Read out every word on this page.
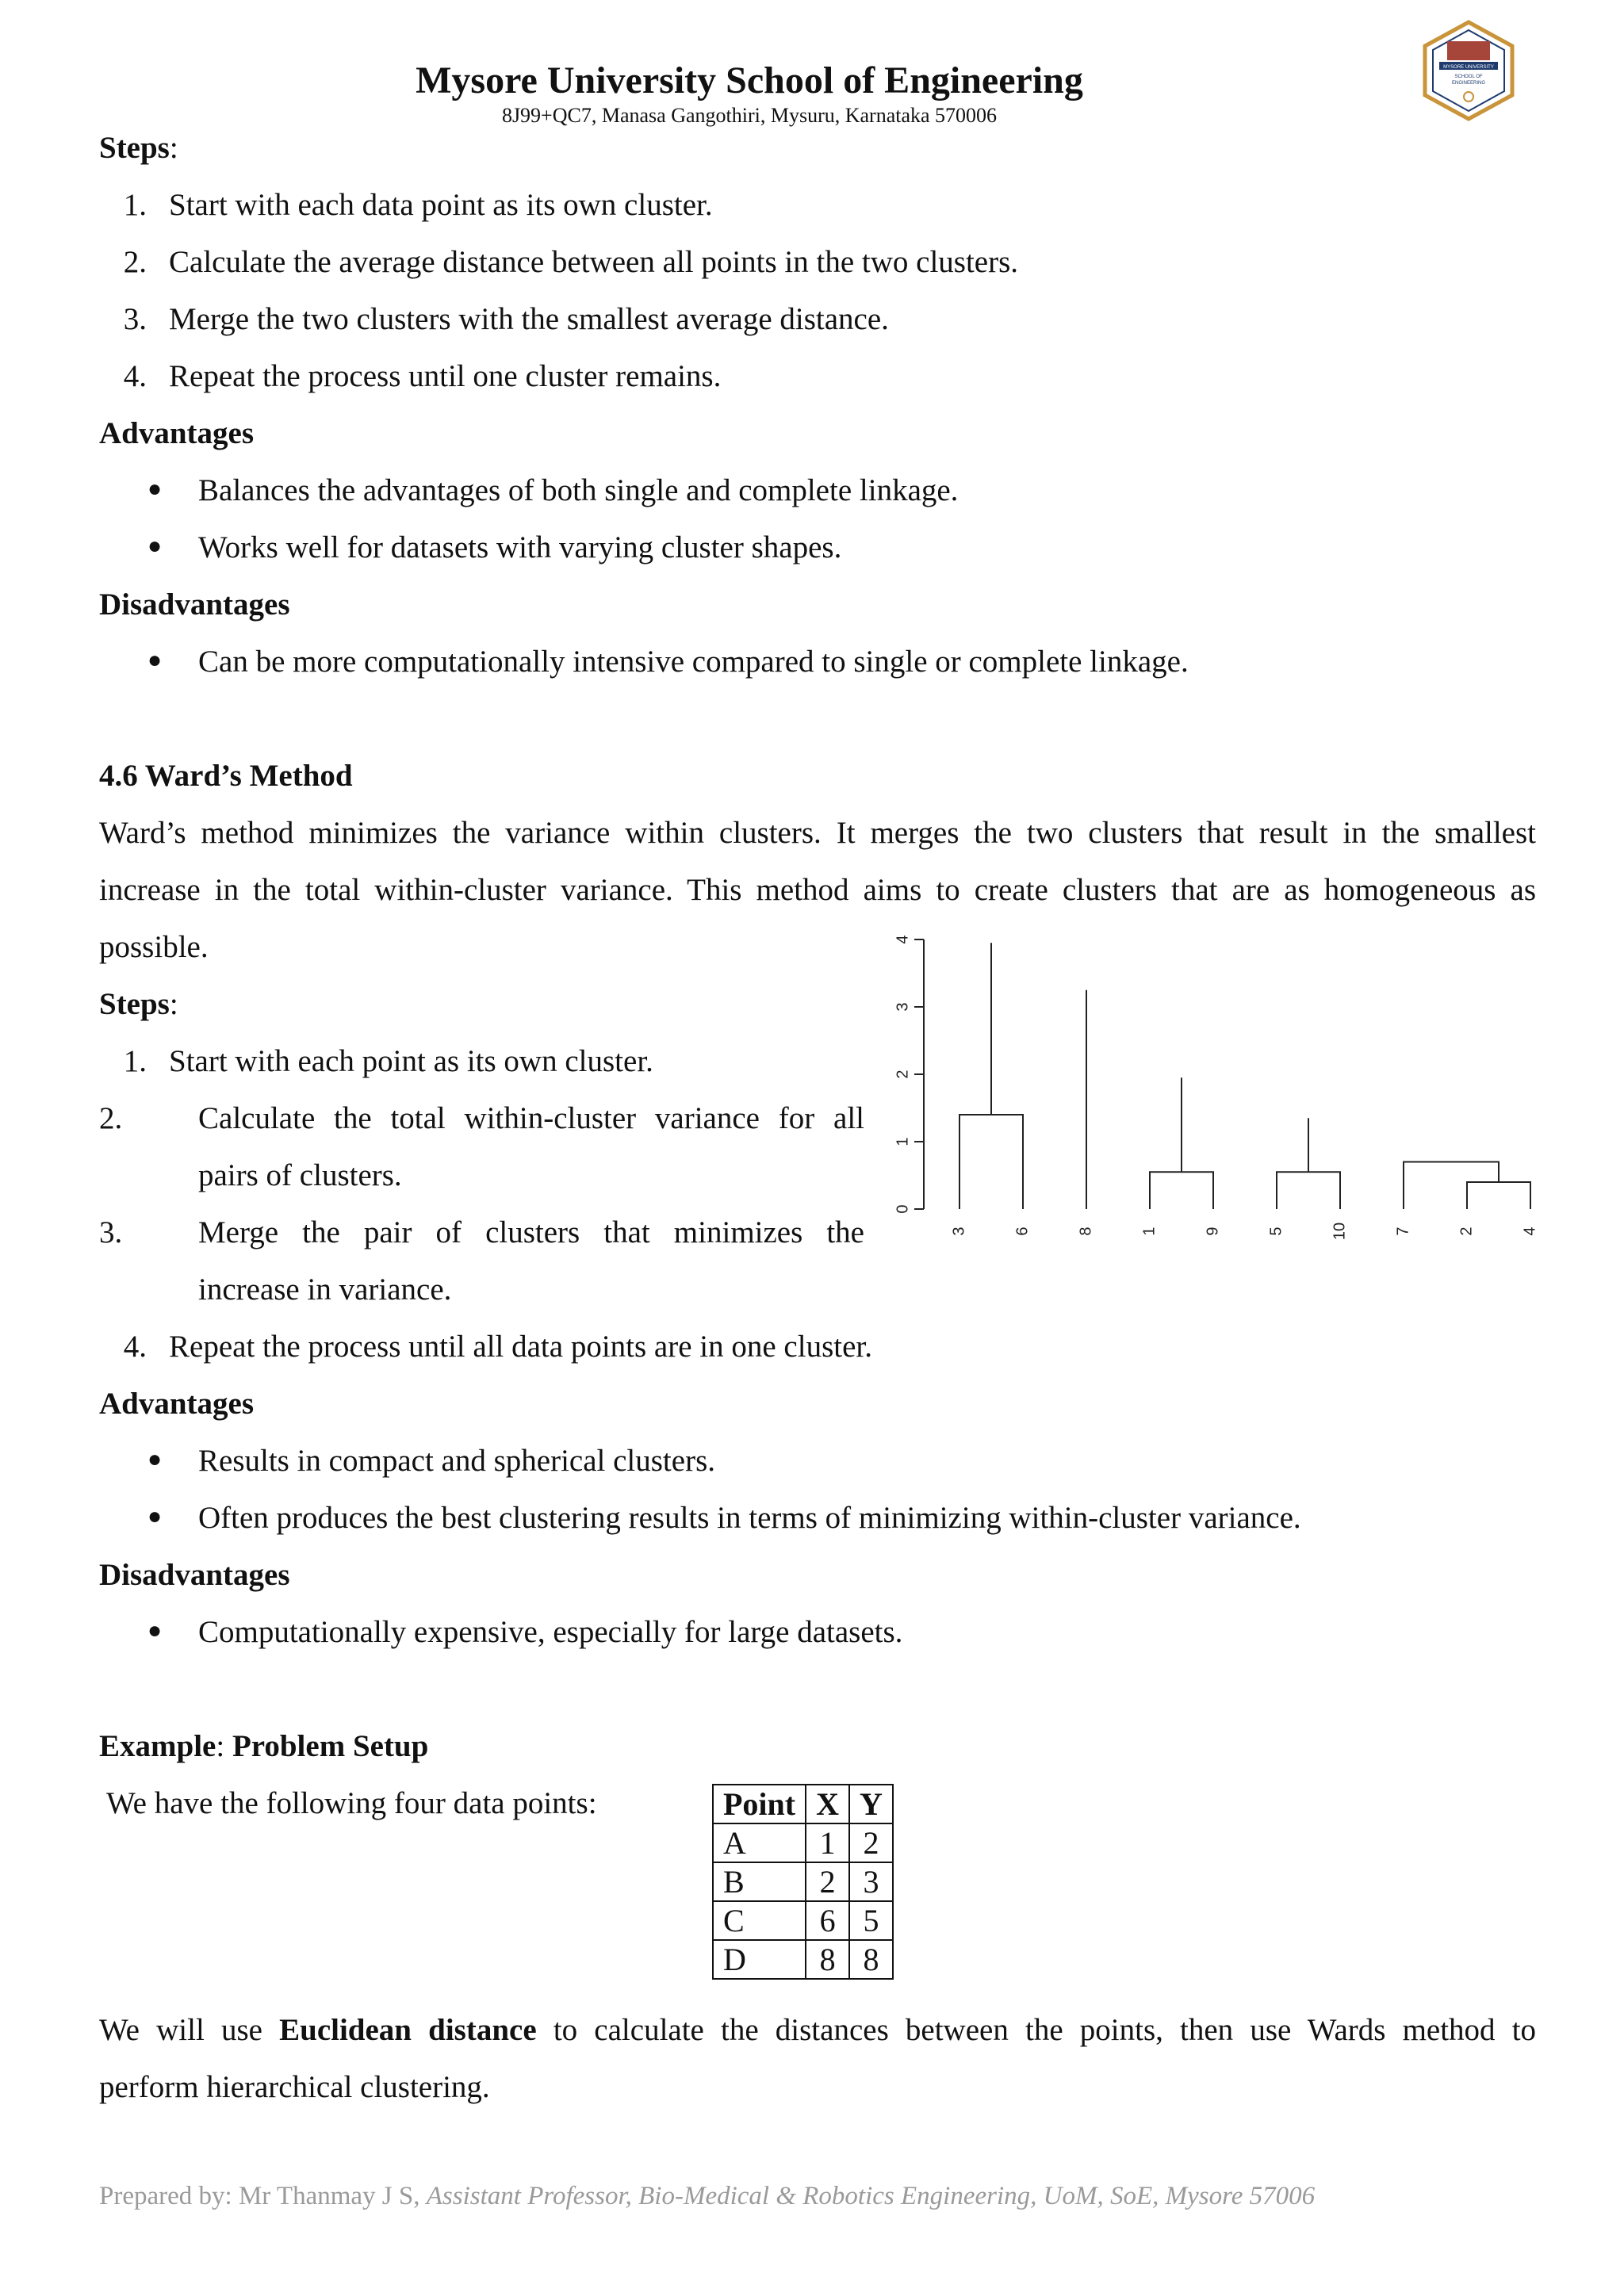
Mysore University School of Engineering
8J99+QC7, Manasa Gangothiri, Mysuru, Karnataka 570006
MYSORE UNIVERSITY
SCHOOL OF
ENGINEERING
Steps:
1. Start with each data point as its own cluster.
2. Calculate the average distance between all points in the two clusters.
3. Merge the two clusters with the smallest average distance.
4. Repeat the process until one cluster remains.
Advantages
● Balances the advantages of both single and complete linkage.
● Works well for datasets with varying cluster shapes.
Disadvantages
● Can be more computationally intensive compared to single or complete linkage.
4.6 Ward’s Method
Ward’s method minimizes the variance within clusters. It merges the two clusters that result in the smallest
increase in the total within-cluster variance. This method aims to create clusters that are as homogeneous as
possible.
Steps:
1. Start with each point as its own cluster.
2. Calculate the total within-cluster variance for all
pairs of clusters.
3. Merge the pair of clusters that minimizes the
increase in variance.
4. Repeat the process until all data points are in one cluster.
0
1
2
3
4
3	6	8	1	9	5	10	7	2	4
Advantages
● Results in compact and spherical clusters.
● Often produces the best clustering results in terms of minimizing within-cluster variance.
Disadvantages
● Computationally expensive, especially for large datasets.
Example: Problem Setup
We have the following four data points:	Point	X	Y
A	1	2
B	2	3
C	6	5
D	8	8
We will use Euclidean distance to calculate the distances between the points, then use Wards method to
perform hierarchical clustering.
Prepared by: Mr Thanmay J S, Assistant Professor, Bio-Medical & Robotics Engineering, UoM, SoE, Mysore 57006
